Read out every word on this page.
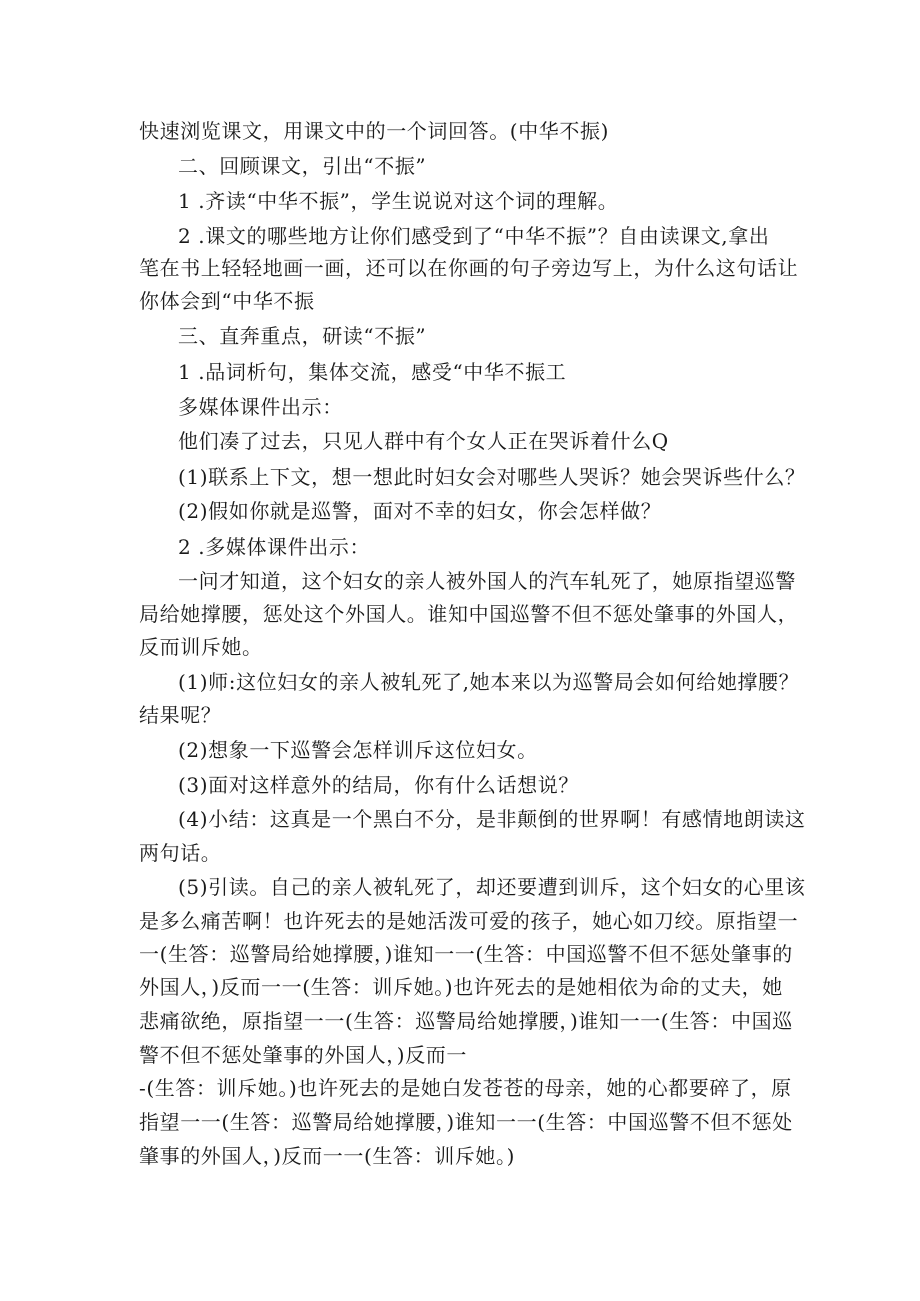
快速浏览课文，用课文中的一个词回答。(中华不振)
二、回顾课文，引出“不振”
1 .齐读“中华不振”，学生说说对这个词的理解。
2 .课文的哪些地方让你们感受到了“中华不振”？自由读课文,拿出
笔在书上轻轻地画一画，还可以在你画的句子旁边写上，为什么这句话让
你体会到“中华不振
三、直奔重点，研读“不振”
1 .品词析句，集体交流，感受“中华不振工
多媒体课件出示：
他们凑了过去，只见人群中有个女人正在哭诉着什么Q
(1)联系上下文，想一想此时妇女会对哪些人哭诉？她会哭诉些什么？
(2)假如你就是巡警，面对不幸的妇女，你会怎样做？
2 .多媒体课件出示：
一问才知道，这个妇女的亲人被外国人的汽车轧死了，她原指望巡警
局给她撑腰，惩处这个外国人。谁知中国巡警不但不惩处肇事的外国人，
反而训斥她。
(1)师:这位妇女的亲人被轧死了,她本来以为巡警局会如何给她撑腰？
结果呢？
(2)想象一下巡警会怎样训斥这位妇女。
(3)面对这样意外的结局，你有什么话想说？
(4)小结：这真是一个黑白不分，是非颠倒的世界啊！有感情地朗读这
两句话。
(5)引读。自己的亲人被轧死了，却还要遭到训斥，这个妇女的心里该
是多么痛苦啊！也许死去的是她活泼可爱的孩子，她心如刀绞。原指望一
一(生答：巡警局给她撑腰，)谁知一一(生答：中国巡警不但不惩处肇事的
外国人，)反而一一(生答：训斥她。)也许死去的是她相依为命的丈夫，她
悲痛欲绝，原指望一一(生答：巡警局给她撑腰，)谁知一一(生答：中国巡
警不但不惩处肇事的外国人，)反而一
-(生答：训斥她。)也许死去的是她白发苍苍的母亲，她的心都要碎了，原
指望一一(生答：巡警局给她撑腰，)谁知一一(生答：中国巡警不但不惩处
肇事的外国人，)反而一一(生答：训斥她。)
